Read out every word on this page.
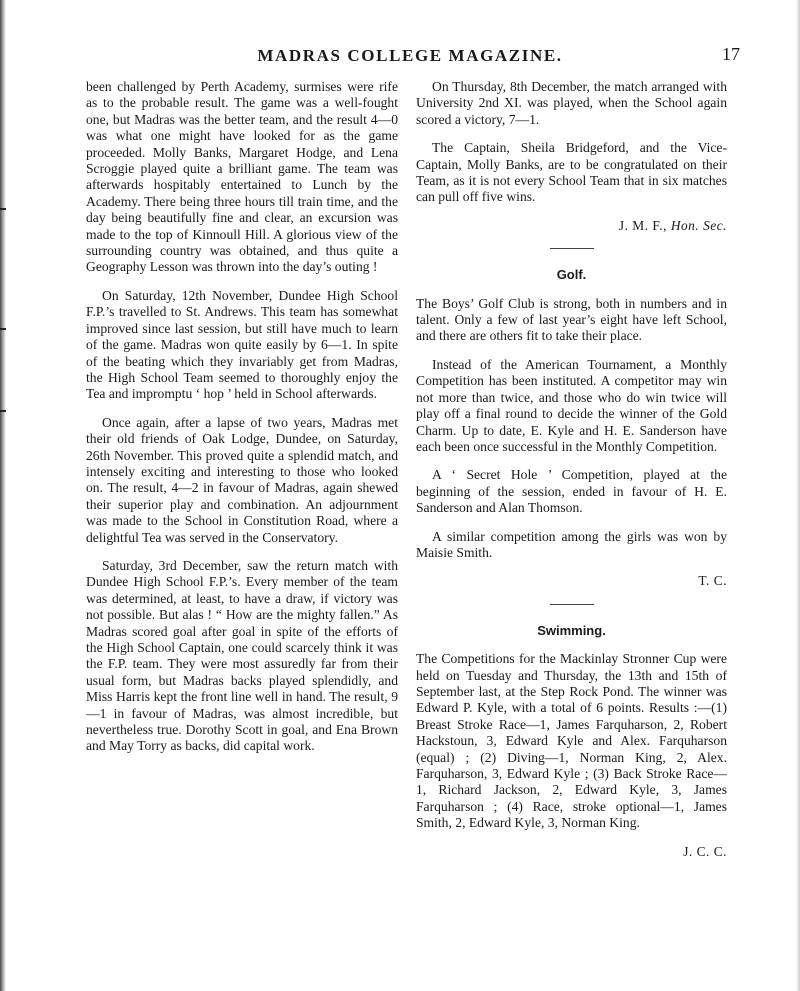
MADRAS COLLEGE MAGAZINE.	17

been challenged by Perth Academy, surmises were rife as to the probable result. The game was a well-fought one, but Madras was the better team, and the result 4—0 was what one might have looked for as the game proceeded. Molly Banks, Margaret Hodge, and Lena Scroggie played quite a brilliant game. The team was afterwards hospitably entertained to Lunch by the Academy. There being three hours till train time, and the day being beautifully fine and clear, an excursion was made to the top of Kinnoull Hill. A glorious view of the surrounding country was obtained, and thus quite a Geography Lesson was thrown into the day’s outing !

On Saturday, 12th November, Dundee High School F.P.’s travelled to St. Andrews. This team has somewhat improved since last session, but still have much to learn of the game. Madras won quite easily by 6—1. In spite of the beating which they invariably get from Madras, the High School Team seemed to thoroughly enjoy the Tea and impromptu ‘ hop ’ held in School afterwards.

Once again, after a lapse of two years, Madras met their old friends of Oak Lodge, Dundee, on Saturday, 26th November. This proved quite a splendid match, and intensely exciting and interesting to those who looked on. The result, 4—2 in favour of Madras, again shewed their superior play and combination. An adjournment was made to the School in Constitution Road, where a delightful Tea was served in the Conservatory.

Saturday, 3rd December, saw the return match with Dundee High School F.P.’s. Every member of the team was determined, at least, to have a draw, if victory was not possible. But alas ! “ How are the mighty fallen.” As Madras scored goal after goal in spite of the efforts of the High School Captain, one could scarcely think it was the F.P. team. They were most assuredly far from their usual form, but Madras backs played splendidly, and Miss Harris kept the front line well in hand. The result, 9—1 in favour of Madras, was almost incredible, but nevertheless true. Dorothy Scott in goal, and Ena Brown and May Torry as backs, did capital work.

On Thursday, 8th December, the match arranged with University 2nd XI. was played, when the School again scored a victory, 7—1.

The Captain, Sheila Bridgeford, and the Vice-Captain, Molly Banks, are to be congratulated on their Team, as it is not every School Team that in six matches can pull off five wins.

J. M. F., Hon. Sec.
Golf.

The Boys’ Golf Club is strong, both in numbers and in talent. Only a few of last year’s eight have left School, and there are others fit to take their place.

Instead of the American Tournament, a Monthly Competition has been instituted. A competitor may win not more than twice, and those who do win twice will play off a final round to decide the winner of the Gold Charm. Up to date, E. Kyle and H. E. Sanderson have each been once successful in the Monthly Competition.

A ‘ Secret Hole ’ Competition, played at the beginning of the session, ended in favour of H. E. Sanderson and Alan Thomson.

A similar competition among the girls was won by Maisie Smith.

T. C.
Swimming.

The Competitions for the Mackinlay Stronner Cup were held on Tuesday and Thursday, the 13th and 15th of September last, at the Step Rock Pond. The winner was Edward P. Kyle, with a total of 6 points. Results :—(1) Breast Stroke Race—1, James Farquharson, 2, Robert Hackstoun, 3, Edward Kyle and Alex. Farquharson (equal) ; (2) Diving—1, Norman King, 2, Alex. Farquharson, 3, Edward Kyle ; (3) Back Stroke Race—1, Richard Jackson, 2, Edward Kyle, 3, James Farquharson ; (4) Race, stroke optional—1, James Smith, 2, Edward Kyle, 3, Norman King.

J. C. C.
